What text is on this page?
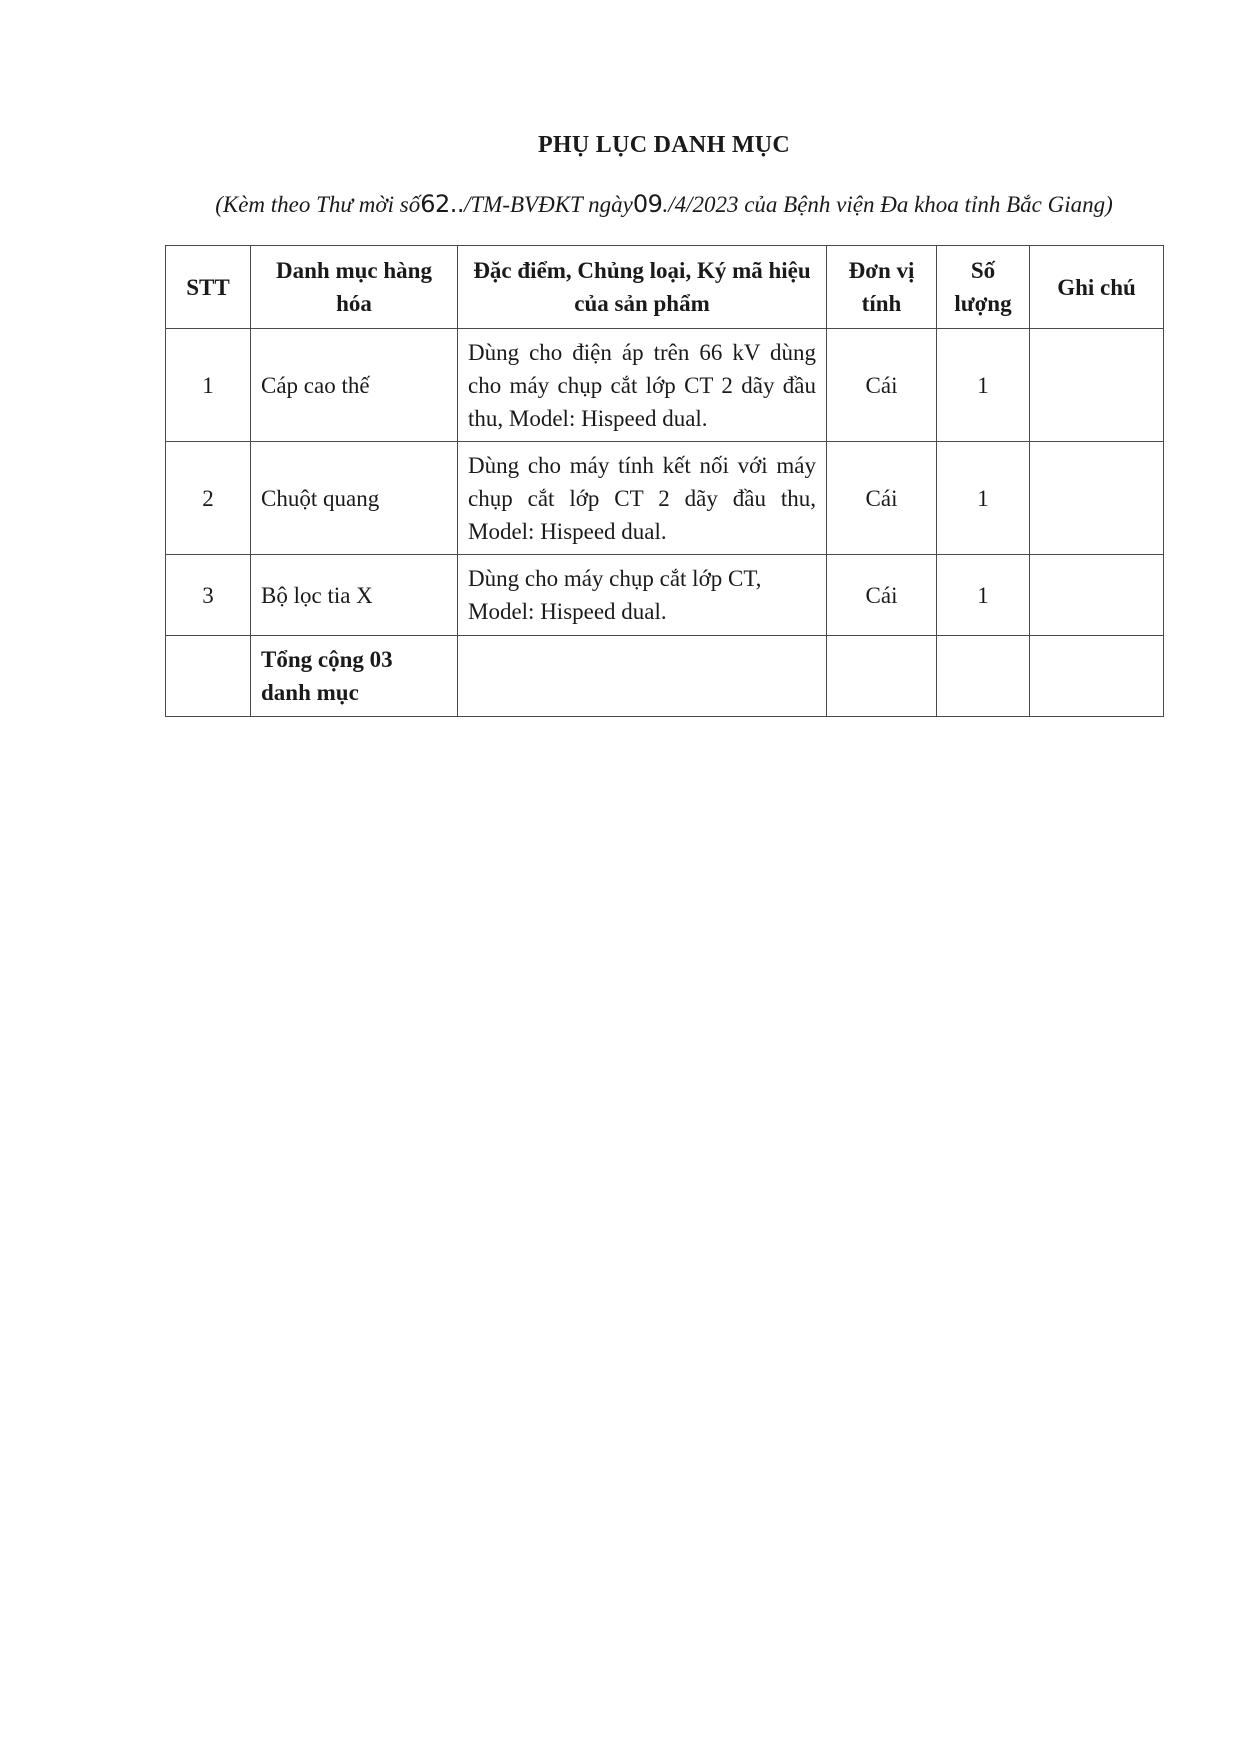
PHỤ LỤC DANH MỤC
(Kèm theo Thư mời số62../TM-BVĐKT ngày09./4/2023 của Bệnh viện Đa khoa tỉnh Bắc Giang)
STT	Danh mục hàng hóa	Đặc điểm, Chủng loại, Ký mã hiệu của sản phẩm	Đơn vị tính	Số lượng	Ghi chú
1	Cáp cao thế	Dùng cho điện áp trên 66 kV dùng cho máy chụp cắt lớp CT 2 dãy đầu thu, Model: Hispeed dual.	Cái	1	
2	Chuột quang	Dùng cho máy tính kết nối với máy chụp cắt lớp CT 2 dãy đầu thu, Model: Hispeed dual.	Cái	1	
3	Bộ lọc tia X	Dùng cho máy chụp cắt lớp CT, Model: Hispeed dual.	Cái	1	
	Tổng cộng 03 danh mục				
